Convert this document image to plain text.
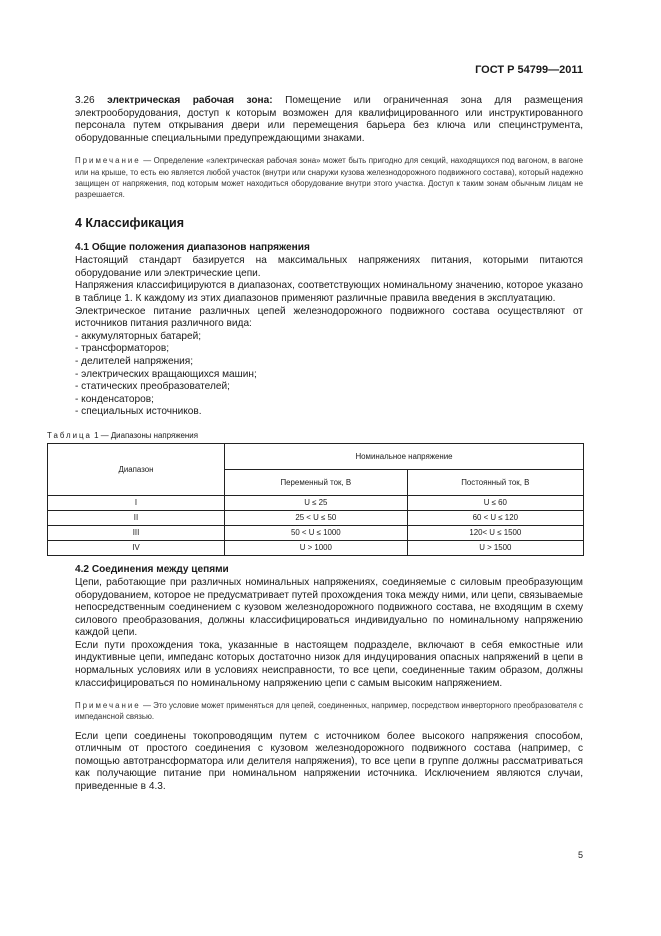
ГОСТ Р 54799—2011

3.26 электрическая рабочая зона: Помещение или ограниченная зона для размещения электрооборудования, доступ к которым возможен для квалифицированного или инструктированного персонала путем открывания двери или перемещения барьера без ключа или специнструмента, оборудованные специальными предупреждающими знаками.

Примечание — Определение «электрическая рабочая зона» может быть пригодно для секций, находящихся под вагоном, в вагоне или на крыше, то есть ею является любой участок (внутри или снаружи кузова железнодорожного подвижного состава), который надежно защищен от напряжения, под которым может находиться оборудование внутри этого участка. Доступ к таким зонам обычным лицам не разрешается.

4 Классификация
4.1 Общие положения диапазонов напряжения

Настоящий стандарт базируется на максимальных напряжениях питания, которыми питаются оборудование или электрические цепи.

Напряжения классифицируются в диапазонах, соответствующих номинальному значению, которое указано в таблице 1. К каждому из этих диапазонов применяют различные правила введения в эксплуатацию.

Электрическое питание различных цепей железнодорожного подвижного состава осуществляют от источников питания различного вида:

- аккумуляторных батарей;
- трансформаторов;
- делителей напряжения;
- электрических вращающихся машин;
- статических преобразователей;
- конденсаторов;
- специальных источников.
Таблица 1 — Диапазоны напряжения
Диапазон	Номинальное напряжение	
	Переменный ток, В	Постоянный ток, В
I	U ≤ 25	U ≤ 60
II	25 < U ≤ 50	60 < U ≤ 120
III	50 < U ≤ 1000	120< U ≤ 1500
IV	U > 1000	U > 1500
4.2 Соединения между цепями

Цепи, работающие при различных номинальных напряжениях, соединяемые с силовым преобразующим оборудованием, которое не предусматривает путей прохождения тока между ними, или цепи, связываемые непосредственным соединением с кузовом железнодорожного подвижного состава, не входящим в схему силового преобразования, должны классифицироваться индивидуально по номинальному напряжению каждой цепи.

Если пути прохождения тока, указанные в настоящем подразделе, включают в себя емкостные или индуктивные цепи, импеданс которых достаточно низок для индуцирования опасных напряжений в цепи в нормальных условиях или в условиях неисправности, то все цепи, соединенные таким образом, должны классифицироваться по номинальному напряжению цепи с самым высоким напряжением.

Примечание — Это условие может применяться для цепей, соединенных, например, посредством инверторного преобразователя с импедансной связью.

Если цепи соединены токопроводящим путем с источником более высокого напряжения способом, отличным от простого соединения с кузовом железнодорожного подвижного состава (например, с помощью автотрансформатора или делителя напряжения), то все цепи в группе должны рассматриваться как получающие питание при номинальном напряжении источника. Исключением являются случаи, приведенные в 4.3.

5
